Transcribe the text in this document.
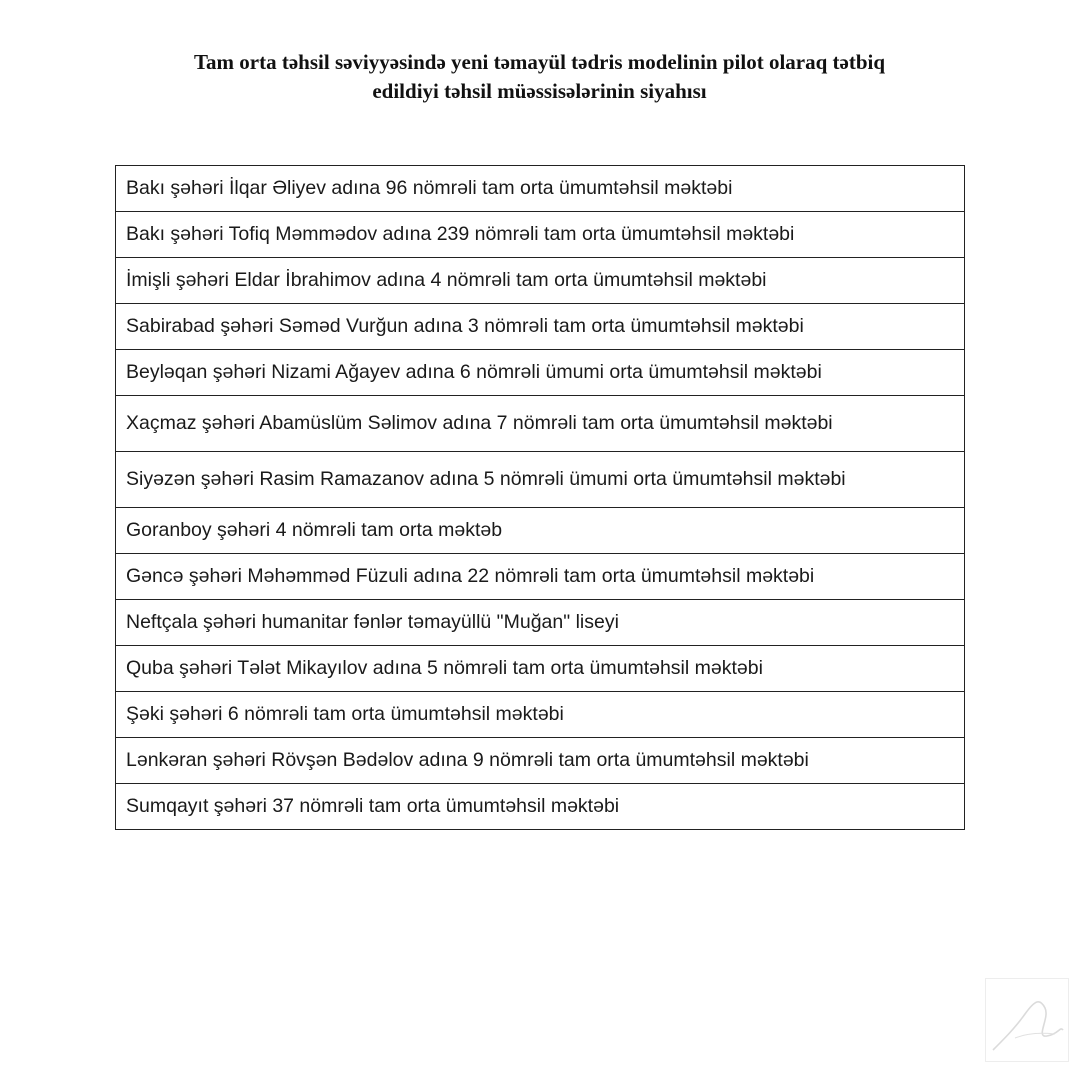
Tam orta təhsil səviyyəsində yeni təmayül tədris modelinin pilot olaraq tətbiq
edildiyi təhsil müəssisələrinin siyahısı
Bakı şəhəri İlqar Əliyev adına 96 nömrəli tam orta ümumtəhsil məktəbi
Bakı şəhəri Tofiq Məmmədov adına 239 nömrəli tam orta ümumtəhsil məktəbi
İmişli şəhəri Eldar İbrahimov adına 4 nömrəli tam orta ümumtəhsil məktəbi
Sabirabad şəhəri Səməd Vurğun adına 3 nömrəli tam orta ümumtəhsil məktəbi
Beyləqan şəhəri Nizami Ağayev adına 6 nömrəli ümumi orta ümumtəhsil məktəbi
Xaçmaz şəhəri Abamüslüm Səlimov adına 7 nömrəli tam orta ümumtəhsil məktəbi
Siyəzən şəhəri Rasim Ramazanov adına 5 nömrəli ümumi orta ümumtəhsil məktəbi
Goranboy şəhəri 4 nömrəli tam orta məktəb
Gəncə şəhəri Məhəmməd Füzuli adına 22 nömrəli tam orta ümumtəhsil məktəbi
Neftçala şəhəri humanitar fənlər təmayüllü "Muğan" liseyi
Quba şəhəri Tələt Mikayılov adına 5 nömrəli tam orta ümumtəhsil məktəbi
Şəki şəhəri 6 nömrəli tam orta ümumtəhsil məktəbi
Lənkəran şəhəri Rövşən Bədəlov adına 9 nömrəli tam orta ümumtəhsil məktəbi
Sumqayıt şəhəri 37 nömrəli tam orta ümumtəhsil məktəbi
